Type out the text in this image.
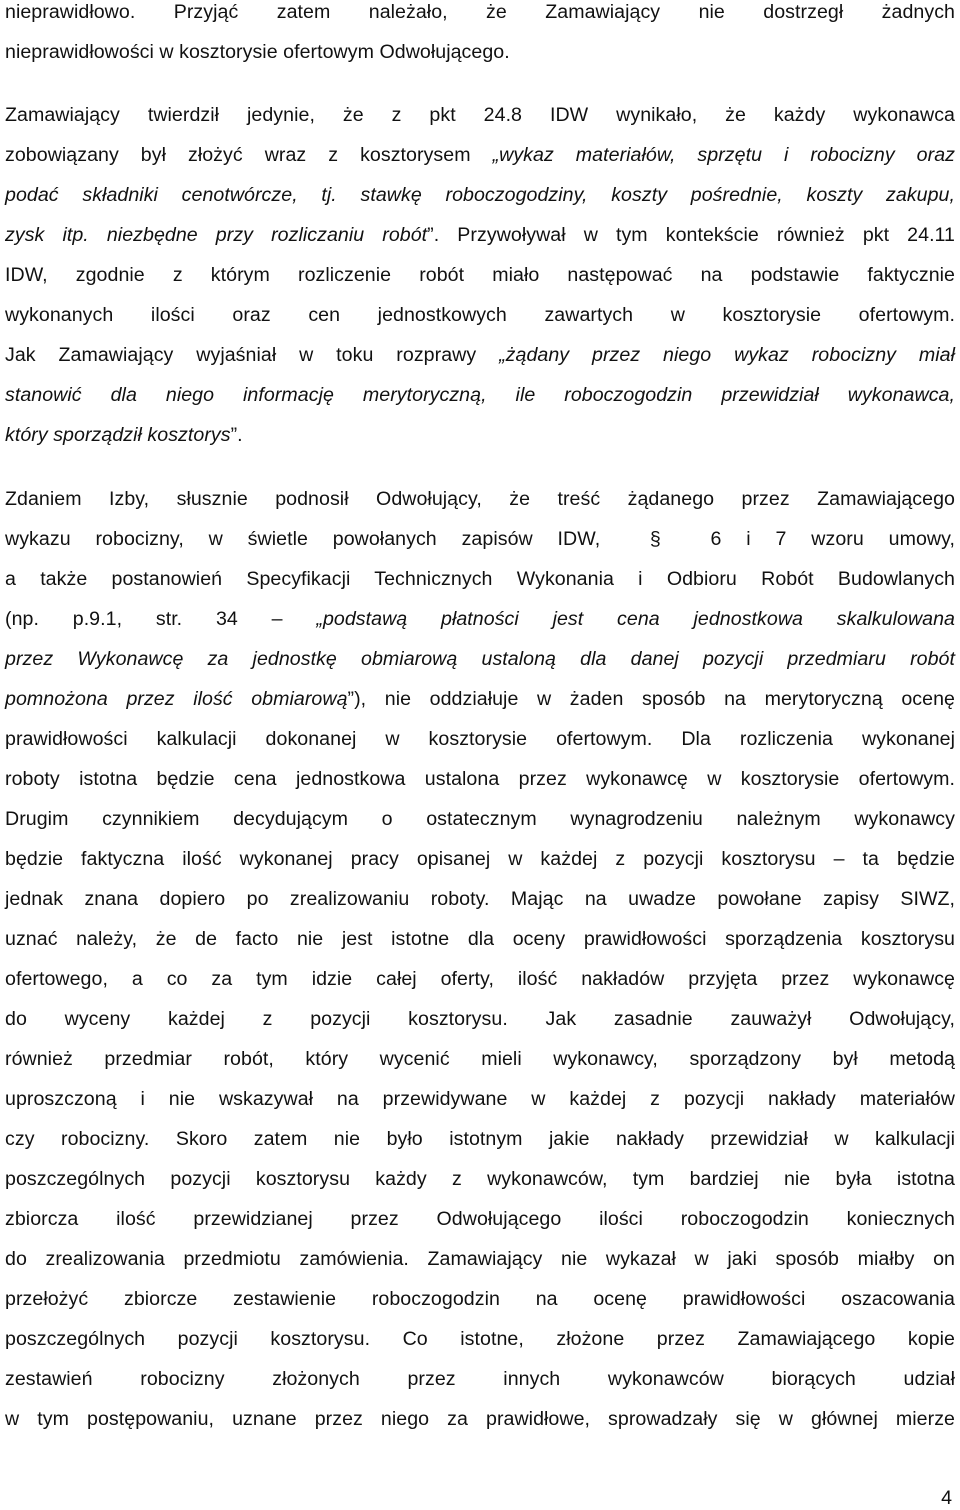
nieprawidłowo.  Przyjąć  zatem  należało,  że  Zamawiający  nie  dostrzegł  żadnych
nieprawidłowości w kosztorysie ofertowym Odwołującego.
Zamawiający  twierdził  jedynie,  że  z  pkt  24.8  IDW  wynikało,  że  każdy  wykonawca
zobowiązany był złożyć wraz z kosztorysem „wykaz materiałów, sprzętu i robocizny oraz
podać składniki cenotwórcze, tj. stawkę roboczogodziny, koszty pośrednie, koszty zakupu,
zysk itp. niezbędne przy rozliczaniu robót”. Przywoływał w tym kontekście również pkt 24.11
IDW, zgodnie z którym rozliczenie robót miało następować na podstawie faktycznie
wykonanych ilości oraz cen jednostkowych zawartych w kosztorysie ofertowym.
Jak Zamawiający wyjaśniał w toku rozprawy „żądany przez niego wykaz robocizny miał
stanowić dla niego informację merytoryczną, ile roboczogodzin przewidział wykonawca,
który sporządził kosztorys”.
Zdaniem Izby, słusznie podnosił Odwołujący, że treść żądanego przez Zamawiającego
wykazu robocizny, w świetle powołanych zapisów IDW,  §  6 i 7 wzoru umowy,
a także postanowień Specyfikacji Technicznych Wykonania i Odbioru Robót Budowlanych
(np.  p.9.1,  str.  34  –  „podstawą  płatności  jest  cena  jednostkowa  skalkulowana
przez Wykonawcę za jednostkę obmiarową ustaloną dla danej pozycji przedmiaru robót
pomnożona przez ilość obmiarową”), nie oddziałuje w żaden sposób na merytoryczną ocenę
prawidłowości kalkulacji dokonanej w kosztorysie ofertowym. Dla rozliczenia wykonanej
roboty istotna będzie cena jednostkowa ustalona przez wykonawcę w kosztorysie ofertowym.
Drugim czynnikiem decydującym o ostatecznym wynagrodzeniu należnym wykonawcy
będzie faktyczna ilość wykonanej pracy opisanej w każdej z pozycji kosztorysu – ta będzie
jednak znana dopiero po zrealizowaniu roboty. Mając na uwadze powołane zapisy SIWZ,
uznać należy, że de facto nie jest istotne dla oceny prawidłowości sporządzenia kosztorysu
ofertowego, a co za tym idzie całej oferty, ilość nakładów przyjęta przez wykonawcę
do wyceny każdej z pozycji kosztorysu. Jak zasadnie zauważył Odwołujący,
również przedmiar robót, który wycenić mieli wykonawcy, sporządzony był metodą
uproszczoną i nie wskazywał na przewidywane w każdej z pozycji nakłady materiałów
czy robocizny. Skoro zatem nie było istotnym jakie nakłady przewidział w kalkulacji
poszczególnych pozycji kosztorysu każdy z wykonawców, tym bardziej nie była istotna
zbiorcza ilość przewidzianej przez Odwołującego ilości roboczogodzin koniecznych
do zrealizowania przedmiotu zamówienia. Zamawiający nie wykazał w jaki sposób miałby on
przełożyć zbiorcze zestawienie roboczogodzin na ocenę prawidłowości oszacowania
poszczególnych pozycji kosztorysu. Co istotne, złożone przez Zamawiającego kopie
zestawień robocizny złożonych przez innych wykonawców biorących udział
w tym postępowaniu, uznane przez niego za prawidłowe, sprowadzały się w głównej mierze
4
